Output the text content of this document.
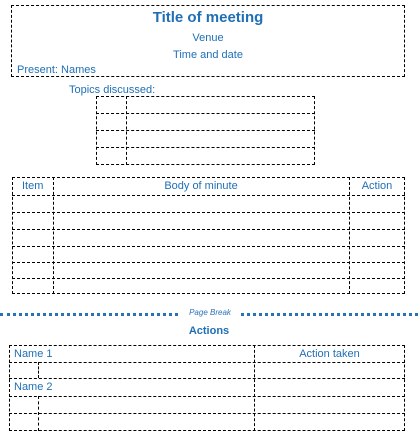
Title of meeting
Venue
Time and date
Present: Names
Topics discussed:
Item	Body of minute	Action
Page Break
Actions
Name 1	Action taken
Name 2
